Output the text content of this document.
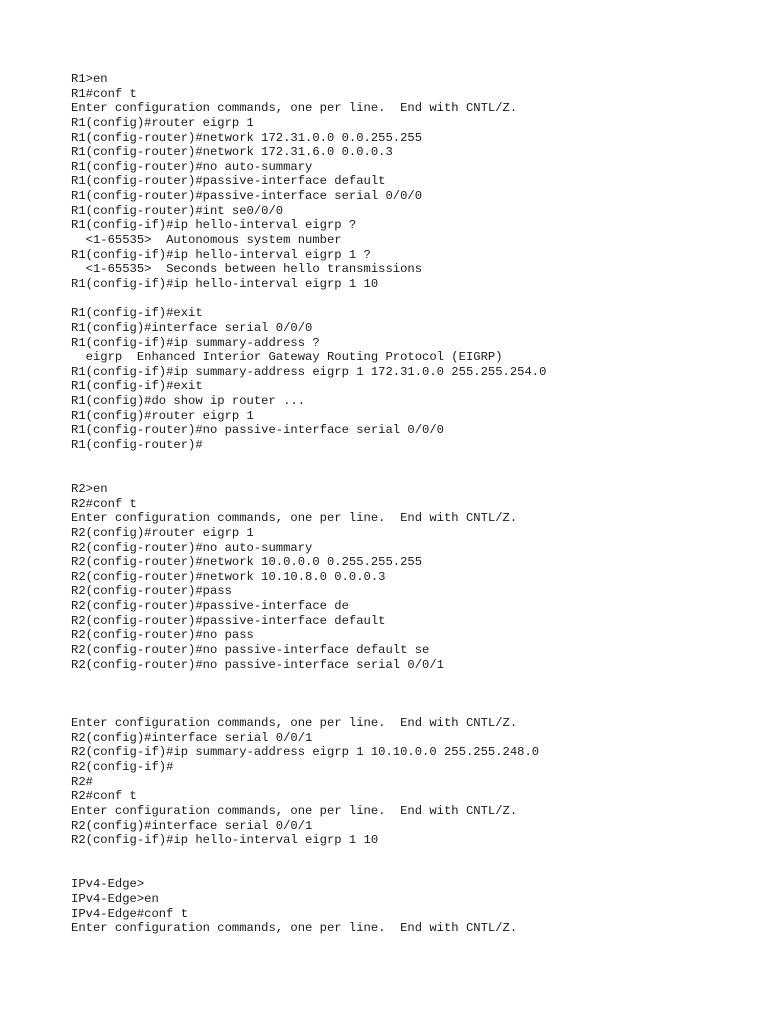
R1>en
R1#conf t
Enter configuration commands, one per line.  End with CNTL/Z.
R1(config)#router eigrp 1
R1(config-router)#network 172.31.0.0 0.0.255.255
R1(config-router)#network 172.31.6.0 0.0.0.3
R1(config-router)#no auto-summary
R1(config-router)#passive-interface default
R1(config-router)#passive-interface serial 0/0/0
R1(config-router)#int se0/0/0
R1(config-if)#ip hello-interval eigrp ?
<1-65535>  Autonomous system number
R1(config-if)#ip hello-interval eigrp 1 ?
<1-65535>  Seconds between hello transmissions
R1(config-if)#ip hello-interval eigrp 1 10
R1(config-if)#exit
R1(config)#interface serial 0/0/0
R1(config-if)#ip summary-address ?
eigrp  Enhanced Interior Gateway Routing Protocol (EIGRP)
R1(config-if)#ip summary-address eigrp 1 172.31.0.0 255.255.254.0
R1(config-if)#exit
R1(config)#do show ip router ...
R1(config)#router eigrp 1
R1(config-router)#no passive-interface serial 0/0/0
R1(config-router)#
R2>en
R2#conf t
Enter configuration commands, one per line.  End with CNTL/Z.
R2(config)#router eigrp 1
R2(config-router)#no auto-summary
R2(config-router)#network 10.0.0.0 0.255.255.255
R2(config-router)#network 10.10.8.0 0.0.0.3
R2(config-router)#pass
R2(config-router)#passive-interface de
R2(config-router)#passive-interface default
R2(config-router)#no pass
R2(config-router)#no passive-interface default se
R2(config-router)#no passive-interface serial 0/0/1
Enter configuration commands, one per line.  End with CNTL/Z.
R2(config)#interface serial 0/0/1
R2(config-if)#ip summary-address eigrp 1 10.10.0.0 255.255.248.0
R2(config-if)#
R2#
R2#conf t
Enter configuration commands, one per line.  End with CNTL/Z.
R2(config)#interface serial 0/0/1
R2(config-if)#ip hello-interval eigrp 1 10
IPv4-Edge>
IPv4-Edge>en
IPv4-Edge#conf t
Enter configuration commands, one per line.  End with CNTL/Z.
